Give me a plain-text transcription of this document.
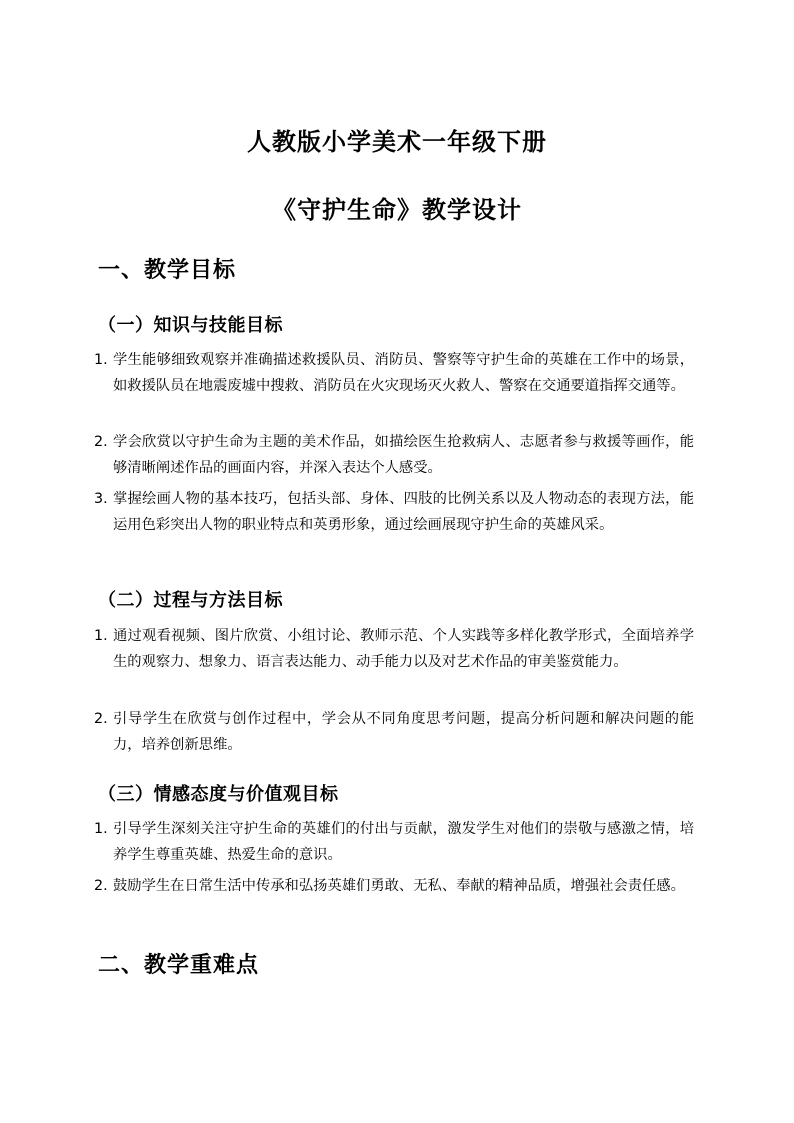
人教版小学美术一年级下册
《守护生命》教学设计
一、教学目标
（一）知识与技能目标
1. 学生能够细致观察并准确描述救援队员、消防员、警察等守护生命的英雄在工作中的场景，如救援队员在地震废墟中搜救、消防员在火灾现场灭火救人、警察在交通要道指挥交通等。
2. 学会欣赏以守护生命为主题的美术作品，如描绘医生抢救病人、志愿者参与救援等画作，能够清晰阐述作品的画面内容，并深入表达个人感受。
3. 掌握绘画人物的基本技巧，包括头部、身体、四肢的比例关系以及人物动态的表现方法，能运用色彩突出人物的职业特点和英勇形象，通过绘画展现守护生命的英雄风采。
（二）过程与方法目标
1. 通过观看视频、图片欣赏、小组讨论、教师示范、个人实践等多样化教学形式，全面培养学生的观察力、想象力、语言表达能力、动手能力以及对艺术作品的审美鉴赏能力。
2. 引导学生在欣赏与创作过程中，学会从不同角度思考问题，提高分析问题和解决问题的能力，培养创新思维。
（三）情感态度与价值观目标
1. 引导学生深刻关注守护生命的英雄们的付出与贡献，激发学生对他们的崇敬与感激之情，培养学生尊重英雄、热爱生命的意识。
2. 鼓励学生在日常生活中传承和弘扬英雄们勇敢、无私、奉献的精神品质，增强社会责任感。
二、教学重难点
